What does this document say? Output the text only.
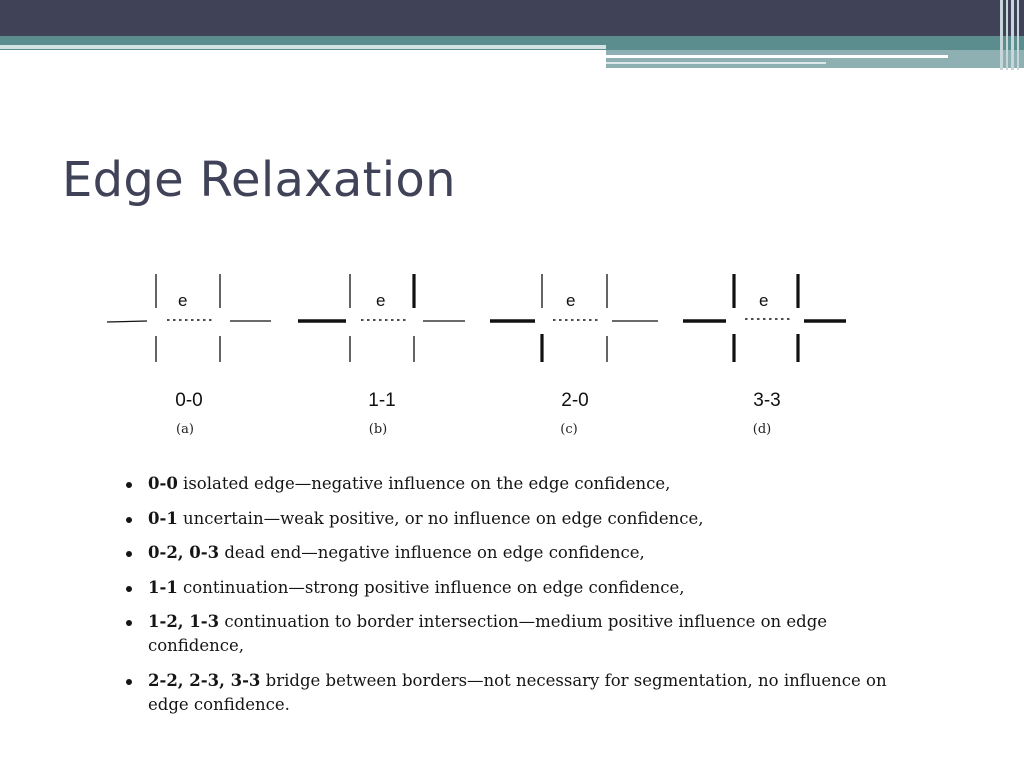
Edge Relaxation
e	e	e	e
0-0
(a)
1-1
(b)
2-0
(c)
3-3
(d)
0-0 isolated edge—negative influence on the edge confidence,
0-1 uncertain—weak positive, or no influence on edge confidence,
0-2, 0-3 dead end—negative influence on edge confidence,
1-1 continuation—strong positive influence on edge confidence,
1-2, 1-3 continuation to border intersection—medium positive influence on edge confidence,
2-2, 2-3, 3-3 bridge between borders—not necessary for segmentation, no influence on edge confidence.
